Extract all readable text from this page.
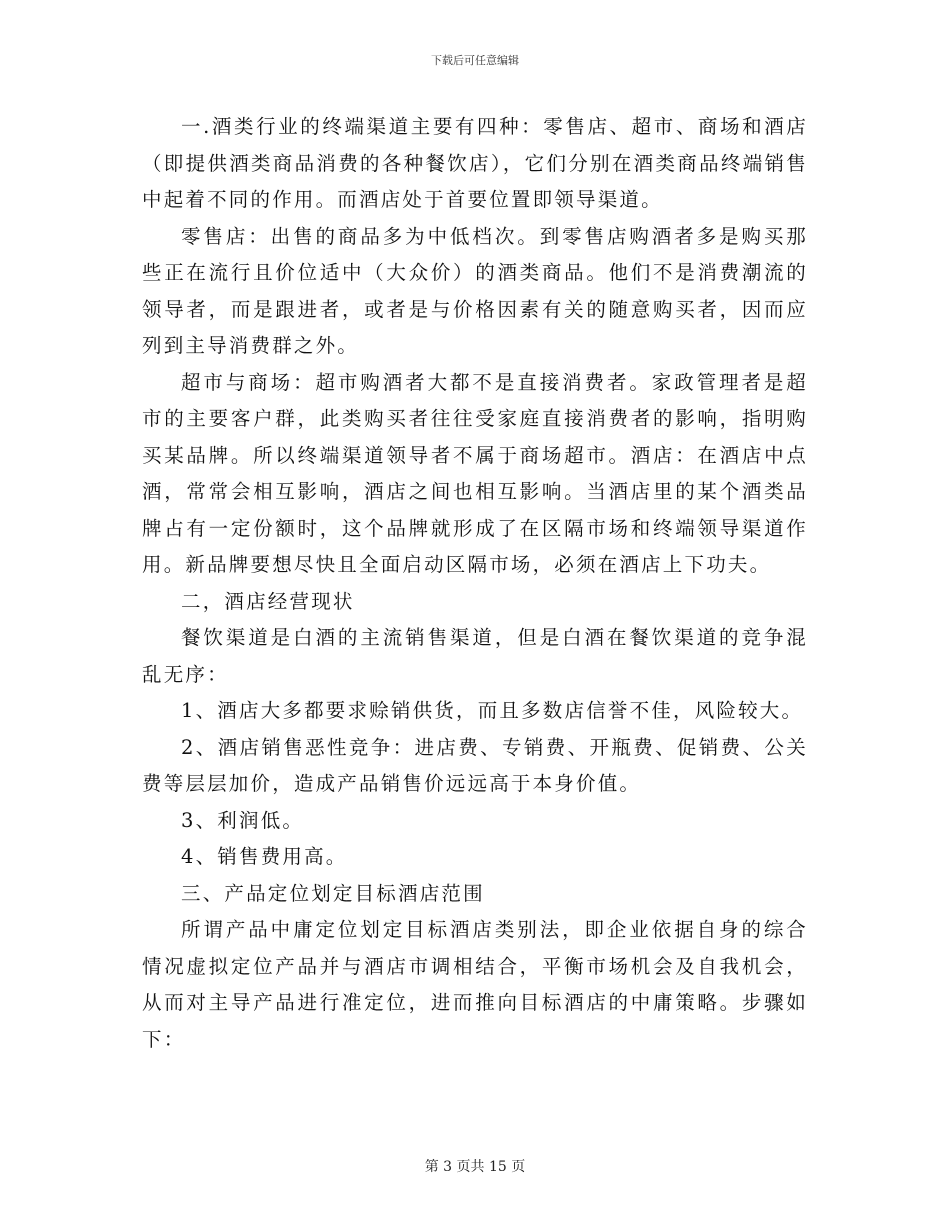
下载后可任意编辑

一.酒类行业的终端渠道主要有四种：零售店、超市、商场和酒店（即提供酒类商品消费的各种餐饮店），它们分别在酒类商品终端销售中起着不同的作用。而酒店处于首要位置即领导渠道。

零售店：出售的商品多为中低档次。到零售店购酒者多是购买那些正在流行且价位适中（大众价）的酒类商品。他们不是消费潮流的领导者，而是跟进者，或者是与价格因素有关的随意购买者，因而应列到主导消费群之外。

超市与商场：超市购酒者大都不是直接消费者。家政管理者是超市的主要客户群，此类购买者往往受家庭直接消费者的影响，指明购买某品牌。所以终端渠道领导者不属于商场超市。酒店：在酒店中点酒，常常会相互影响，酒店之间也相互影响。当酒店里的某个酒类品牌占有一定份额时，这个品牌就形成了在区隔市场和终端领导渠道作用。新品牌要想尽快且全面启动区隔市场，必须在酒店上下功夫。

二，酒店经营现状

餐饮渠道是白酒的主流销售渠道，但是白酒在餐饮渠道的竞争混乱无序：

1、酒店大多都要求赊销供货，而且多数店信誉不佳，风险较大。

2、酒店销售恶性竞争：进店费、专销费、开瓶费、促销费、公关费等层层加价，造成产品销售价远远高于本身价值。

3、利润低。

4、销售费用高。

三、产品定位划定目标酒店范围

所谓产品中庸定位划定目标酒店类别法，即企业依据自身的综合情况虚拟定位产品并与酒店市调相结合，平衡市场机会及自我机会，从而对主导产品进行准定位，进而推向目标酒店的中庸策略。步骤如下：

第 3 页共 15 页
